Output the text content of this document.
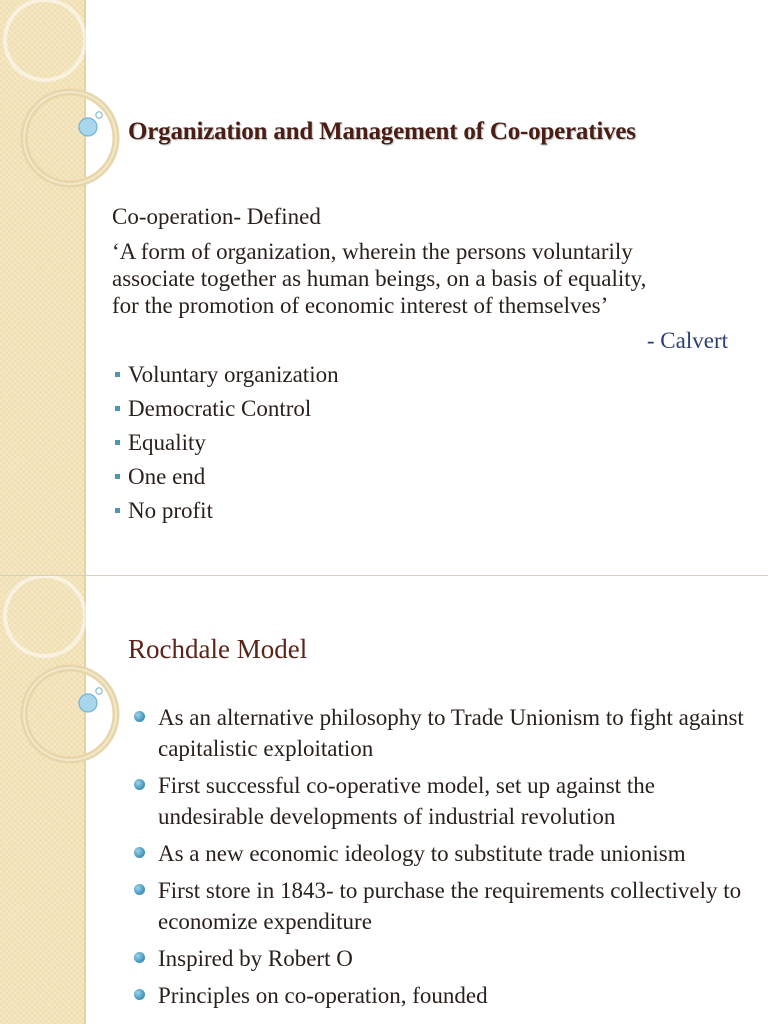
Organization and Management of Co-operatives
Co-operation- Defined
‘A form of organization, wherein the persons voluntarily
associate together as human beings, on a basis of equality,
for the promotion of economic interest of themselves’
- Calvert
Voluntary organization
Democratic Control
Equality
One end
No profit
Rochdale Model
As an alternative philosophy to Trade Unionism to fight against capitalistic exploitation
First successful co-operative model, set up against the undesirable developments of industrial revolution
As a new economic ideology to substitute trade unionism
First store in 1843- to purchase the requirements collectively to economize expenditure
Inspired by Robert O
Principles on co-operation, founded
